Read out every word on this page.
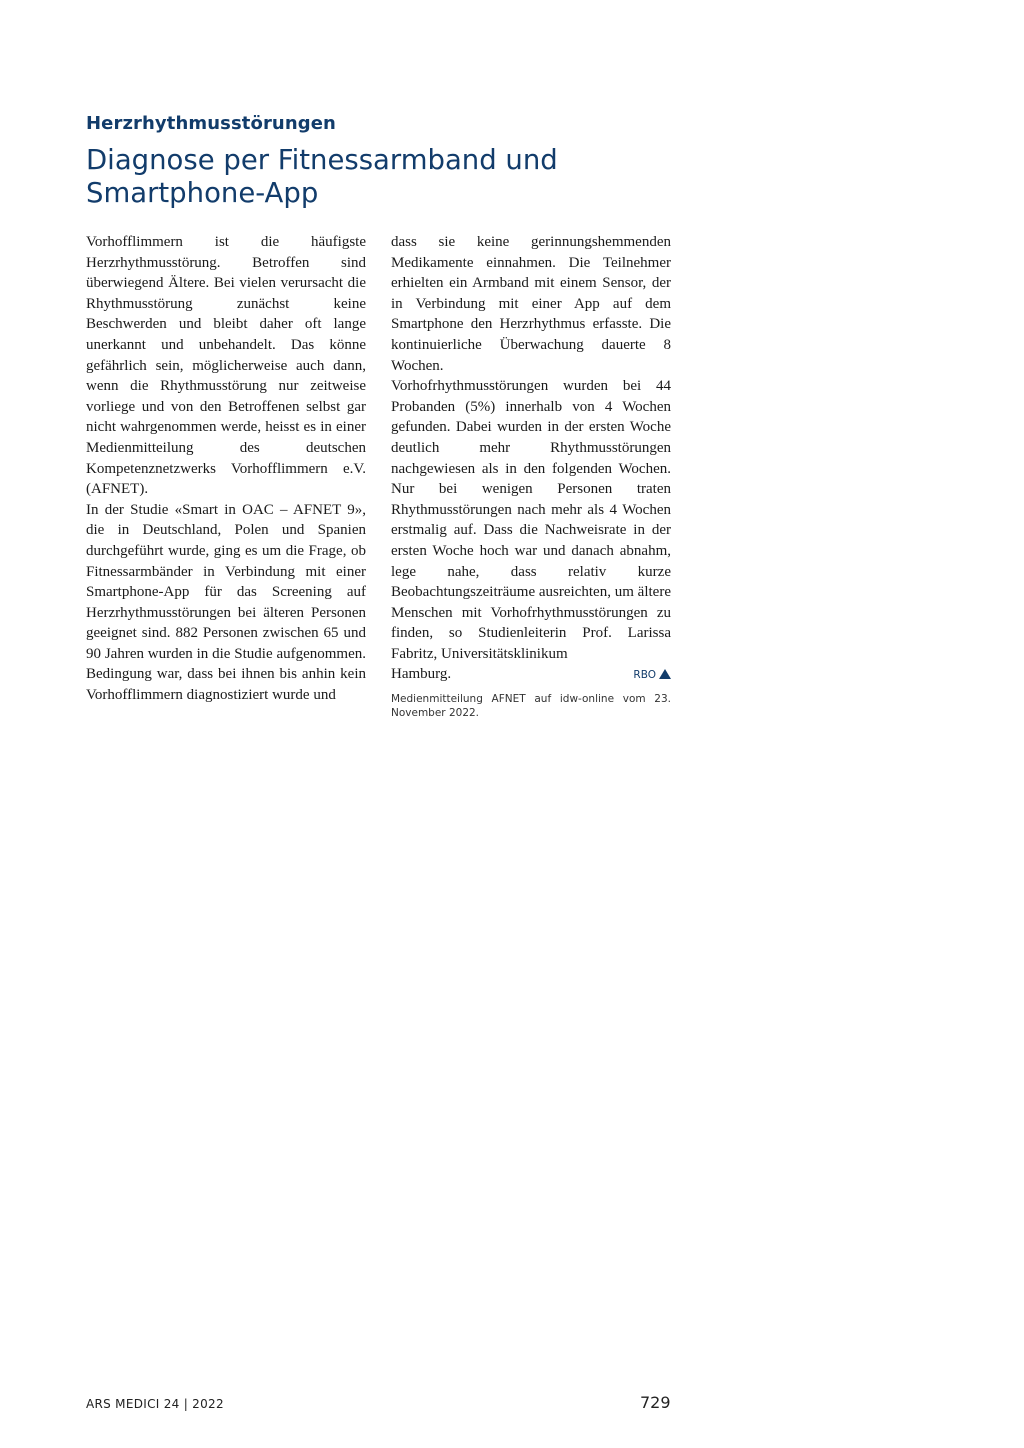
Herzrhythmusstörungen
Diagnose per Fitnessarmband und Smartphone-App

Vorhofflimmern ist die häufigste Herzrhythmusstörung. Betroffen sind überwiegend Ältere. Bei vielen verursacht die Rhythmusstörung zunächst keine Beschwerden und bleibt daher oft lange unerkannt und unbehandelt. Das könne gefährlich sein, möglicherweise auch dann, wenn die Rhythmusstörung nur zeitweise vorliege und von den Betroffenen selbst gar nicht wahrgenommen werde, heisst es in einer Medienmitteilung des deutschen Kompetenznetzwerks Vorhofflimmern e.V. (AFNET).

In der Studie «Smart in OAC – AFNET 9», die in Deutschland, Polen und Spanien durchgeführt wurde, ging es um die Frage, ob Fitnessarmbänder in Verbindung mit einer Smartphone-App für das Screening auf Herzrhythmusstörungen bei älteren Personen geeignet sind. 882 Personen zwischen 65 und 90 Jahren wurden in die Studie aufgenommen. Bedingung war, dass bei ihnen bis anhin kein Vorhofflimmern diagnostiziert wurde und

dass sie keine gerinnungshemmenden Medikamente einnahmen. Die Teilnehmer erhielten ein Armband mit einem Sensor, der in Verbindung mit einer App auf dem Smartphone den Herzrhythmus erfasste. Die kontinuierliche Überwachung dauerte 8 Wochen.

Vorhofrhythmusstörungen wurden bei 44 Probanden (5%) innerhalb von 4 Wochen gefunden. Dabei wurden in der ersten Woche deutlich mehr Rhythmusstörungen nachgewiesen als in den folgenden Wochen. Nur bei wenigen Personen traten Rhythmusstörungen nach mehr als 4 Wochen erstmalig auf. Dass die Nachweisrate in der ersten Woche hoch war und danach abnahm, lege nahe, dass relativ kurze Beobachtungszeiträume ausreichten, um ältere Menschen mit Vorhofrhythmusstörungen zu finden, so Studienleiterin Prof. Larissa Fabritz, Universitätsklinikum

Hamburg.	RBO
Medienmitteilung AFNET auf idw-online vom 23. November 2022.
ARS MEDICI 24 | 2022	729
